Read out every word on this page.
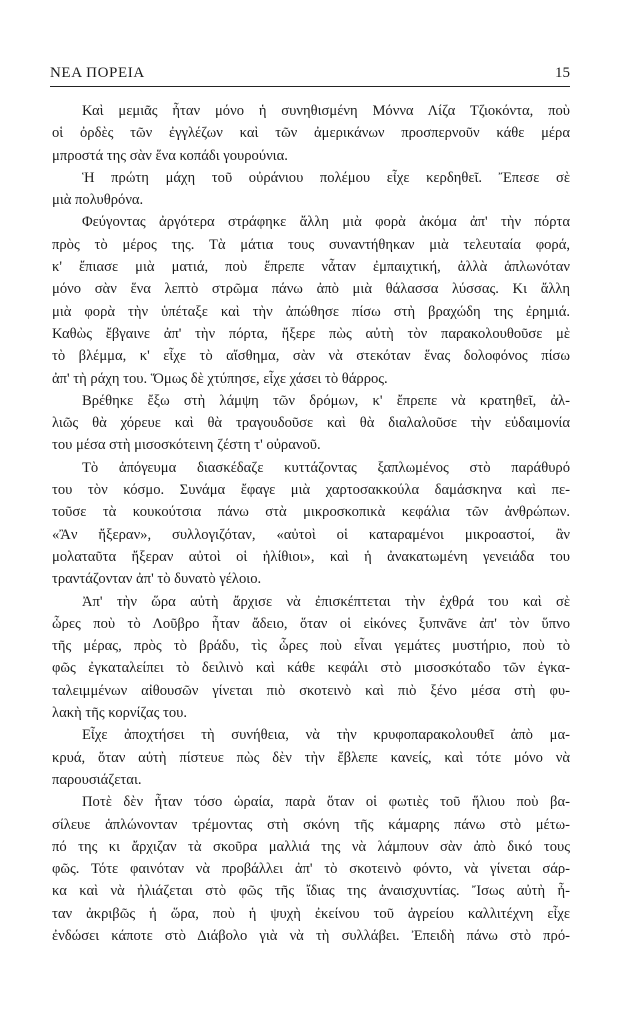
ΝΕΑ ΠΟΡΕΙΑ	15
Καὶ μεμιᾶς ἦταν μόνο ἡ συνηθισμένη Μόννα Λίζα Τζιοκόντα, ποὺ
οἱ ὀρδὲς τῶν ἐγγλέζων καὶ τῶν ἀμερικάνων προσπερνοῦν κάθε μέρα
μπροστά της σὰν ἕνα κοπάδι γουρούνια.
Ἡ πρώτη μάχη τοῦ οὐράνιου πολέμου εἶχε κερδηθεῖ. Ἔπεσε σὲ
μιὰ πολυθρόνα.
Φεύγοντας ἀργότερα στράφηκε ἄλλη μιὰ φορὰ ἀκόμα ἀπ' τὴν πόρτα
πρὸς τὸ μέρος της. Τὰ μάτια τους συναντήθηκαν μιὰ τελευταία φορά,
κ' ἔπιασε μιὰ ματιά, ποὺ ἔπρεπε νἆταν ἐμπαιχτική, ἀλλὰ ἁπλωνόταν
μόνο σὰν ἕνα λεπτὸ στρῶμα πάνω ἀπὸ μιὰ θάλασσα λύσσας. Κι ἄλλη
μιὰ φορὰ τὴν ὑπέταξε καὶ τὴν ἀπώθησε πίσω στὴ βραχώδη της ἐρημιά.
Καθὼς ἔβγαινε ἀπ' τὴν πόρτα, ἤξερε πὼς αὐτὴ τὸν παρακολουθοῦσε μὲ
τὸ βλέμμα, κ' εἶχε τὸ αἴσθημα, σὰν νὰ στεκόταν ἕνας δολοφόνος πίσω
ἀπ' τὴ ράχη του. Ὅμως δὲ χτύπησε, εἶχε χάσει τὸ θάρρος.
Βρέθηκε ἔξω στὴ λάμψη τῶν δρόμων, κ' ἔπρεπε νὰ κρατηθεῖ, ἀλ-
λιῶς θὰ χόρευε καὶ θὰ τραγουδοῦσε καὶ θὰ διαλαλοῦσε τὴν εὐδαιμονία
του μέσα στὴ μισοσκότεινη ζέστη τ' οὐρανοῦ.
Τὸ ἀπόγευμα διασκέδαζε κυττάζοντας ξαπλωμένος στὸ παράθυρό
του τὸν κόσμο. Συνάμα ἔφαγε μιὰ χαρτοσακκούλα δαμάσκηνα καὶ πε-
τοῦσε τὰ κουκούτσια πάνω στὰ μικροσκοπικὰ κεφάλια τῶν ἀνθρώπων.
«Ἂν ἤξεραν», συλλογιζόταν, «αὐτοὶ οἱ καταραμένοι μικροαστοί, ἂν
μολαταῦτα ἤξεραν αὐτοὶ οἱ ἠλίθιοι», καὶ ἡ ἀνακατωμένη γενειάδα του
τραντάζονταν ἀπ' τὸ δυνατὸ γέλοιο.
Ἀπ' τὴν ὥρα αὐτὴ ἄρχισε νὰ ἐπισκέπτεται τὴν ἐχθρά του καὶ σὲ
ὧρες ποὺ τὸ Λοῦβρο ἦταν ἄδειο, ὅταν οἱ εἰκόνες ξυπνᾶνε ἀπ' τὸν ὕπνο
τῆς μέρας, πρὸς τὸ βράδυ, τὶς ὧρες ποὺ εἶναι γεμάτες μυστήριο, ποὺ τὸ
φῶς ἐγκαταλείπει τὸ δειλινὸ καὶ κάθε κεφάλι στὸ μισοσκόταδο τῶν ἐγκα-
ταλειμμένων αἰθουσῶν γίνεται πιὸ σκοτεινὸ καὶ πιὸ ξένο μέσα στὴ φυ-
λακὴ τῆς κορνίζας του.
Εἶχε ἀποχτήσει τὴ συνήθεια, νὰ τὴν κρυφοπαρακολουθεῖ ἀπὸ μα-
κρυά, ὅταν αὐτὴ πίστευε πὼς δὲν τὴν ἔβλεπε κανείς, καὶ τότε μόνο νὰ
παρουσιάζεται.
Ποτὲ δὲν ἦταν τόσο ὡραία, παρὰ ὅταν οἱ φωτιὲς τοῦ ἥλιου ποὺ βα-
σίλευε ἁπλώνονταν τρέμοντας στὴ σκόνη τῆς κάμαρης πάνω στὸ μέτω-
πό της κι ἄρχιζαν τὰ σκοῦρα μαλλιά της νὰ λάμπουν σὰν ἀπὸ δικό τους
φῶς. Τότε φαινόταν νὰ προβάλλει ἀπ' τὸ σκοτεινὸ φόντο, νὰ γίνεται σάρ-
κα καὶ νὰ ἠλιάζεται στὸ φῶς τῆς ἴδιας της ἀναισχυντίας. Ἴσως αὐτὴ ἦ-
ταν ἀκριβῶς ἡ ὥρα, ποὺ ἡ ψυχὴ ἐκείνου τοῦ ἀγρείου καλλιτέχνη εἶχε
ἐνδώσει κάποτε στὸ Διάβολο γιὰ νὰ τὴ συλλάβει. Ἐπειδὴ πάνω στὸ πρό-
